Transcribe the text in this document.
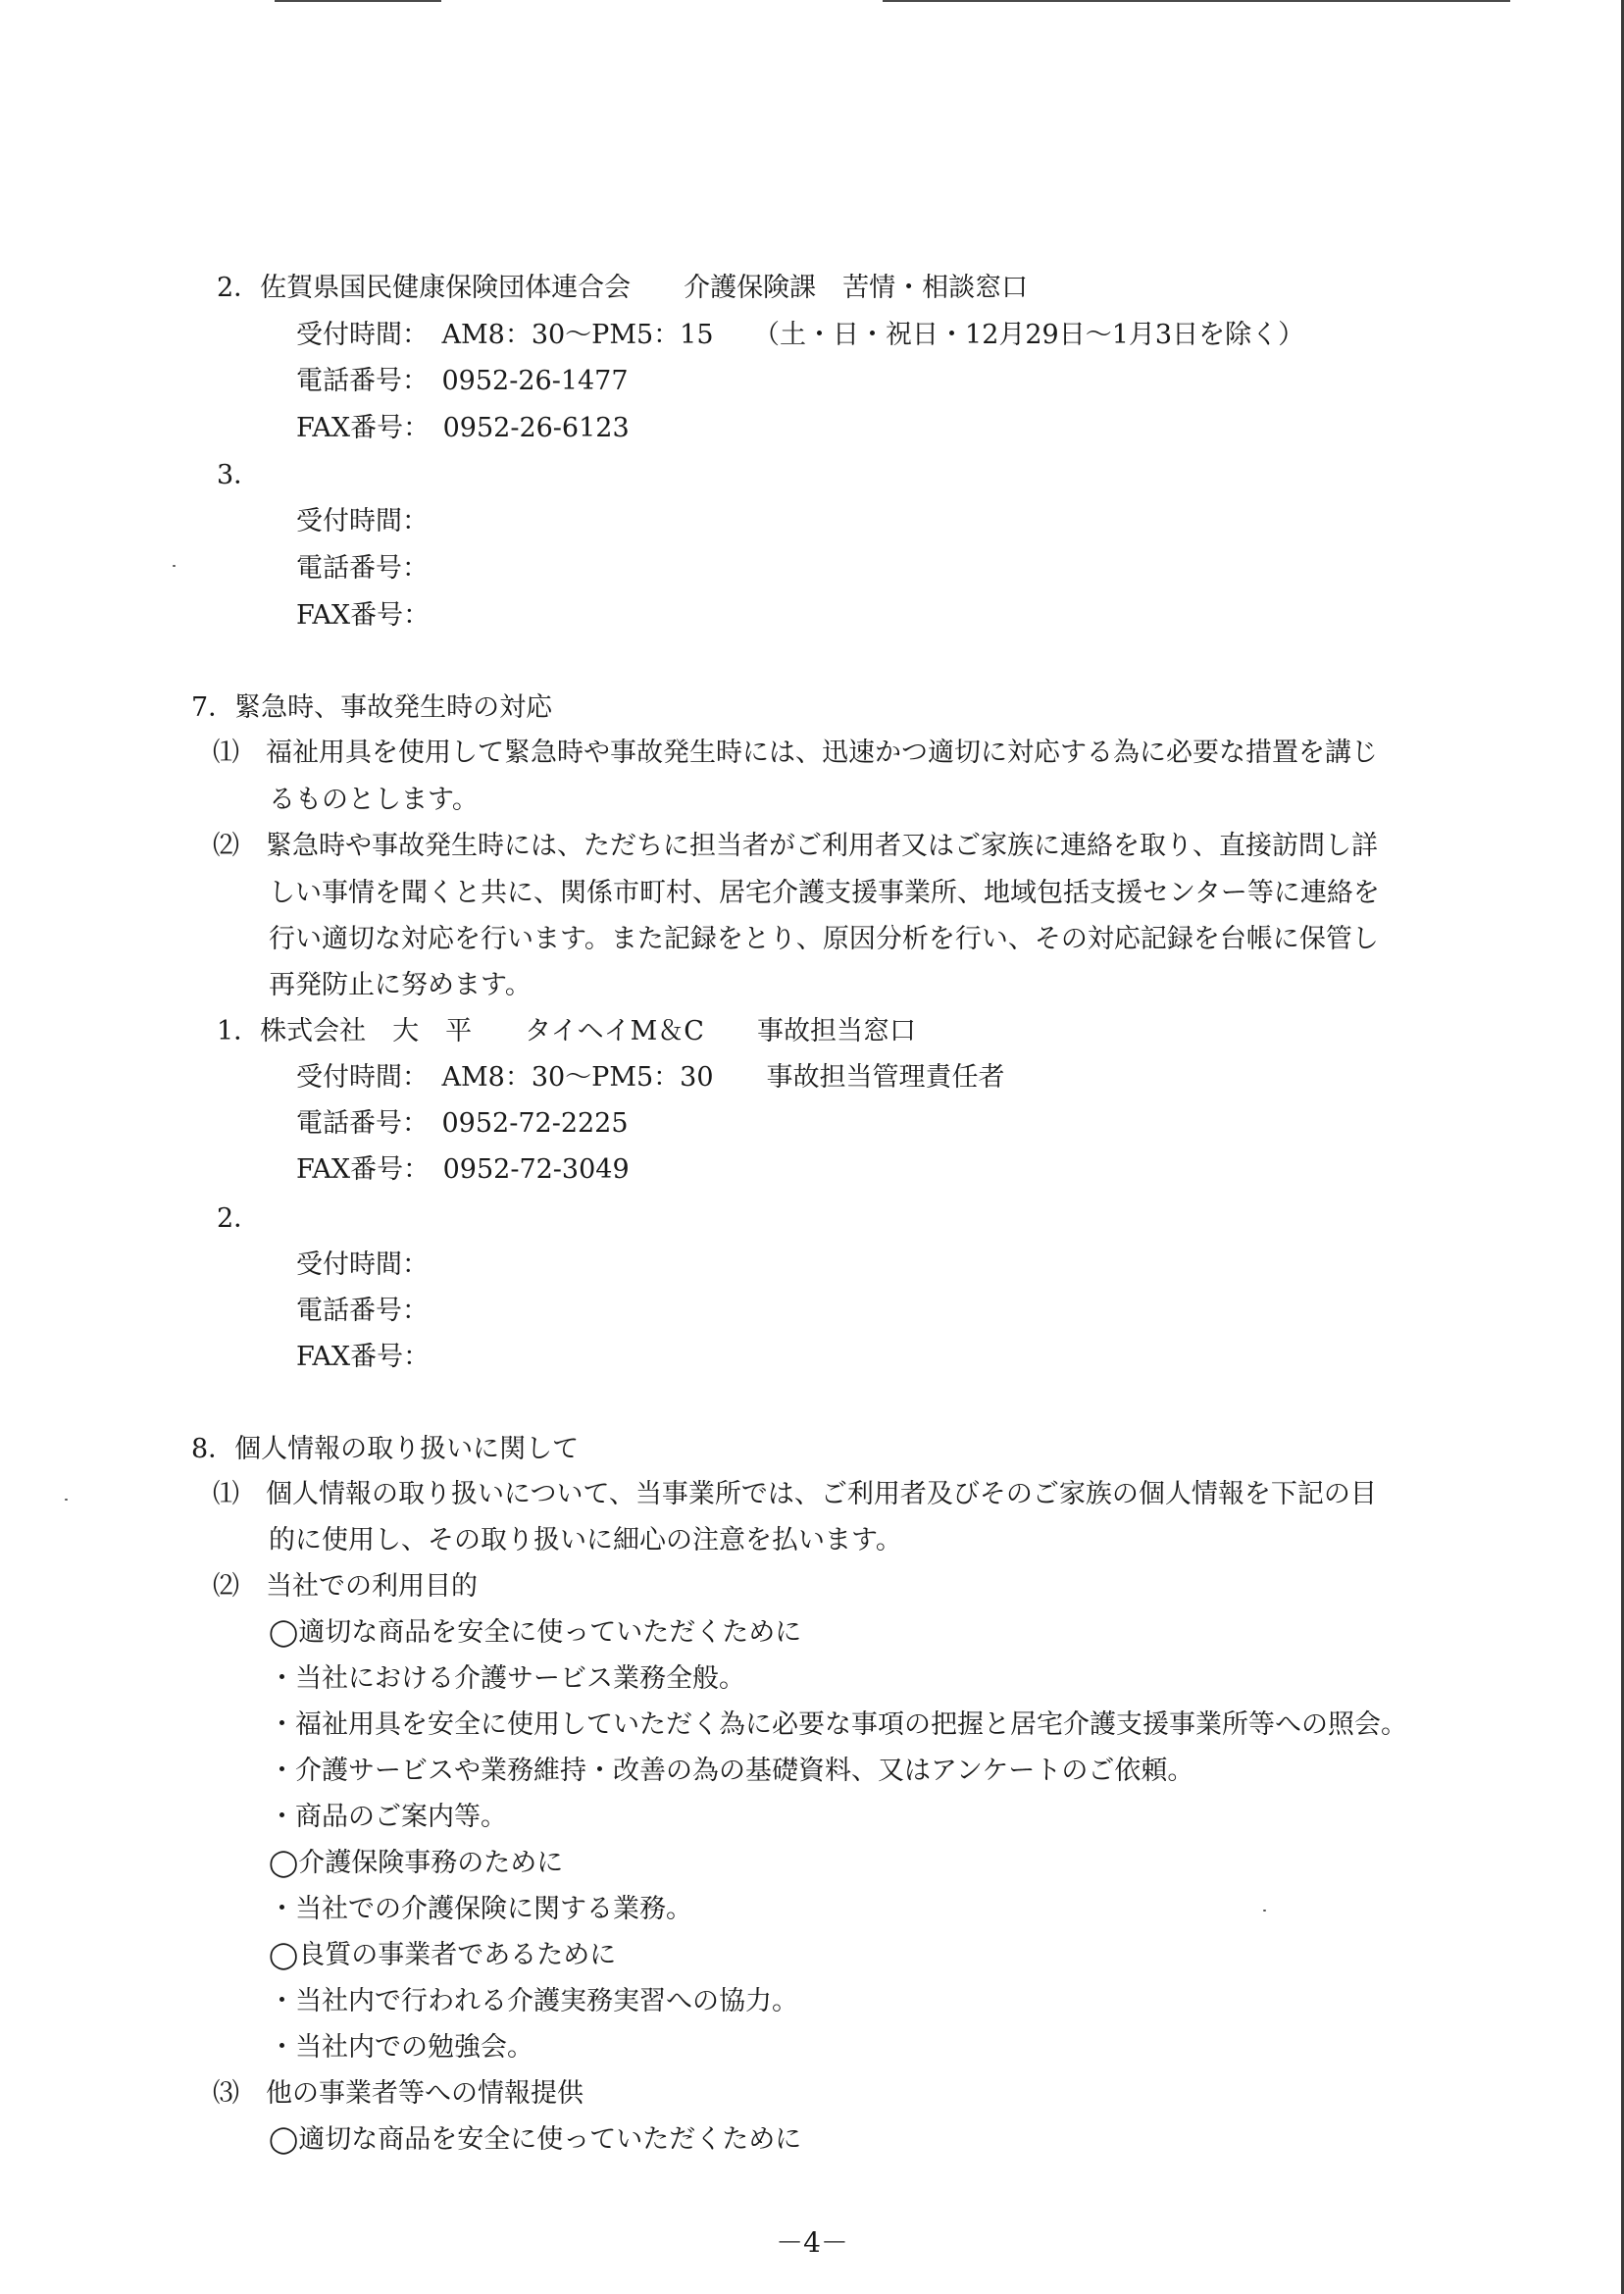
2．佐賀県国民健康保険団体連合会　　介護保険課　苦情・相談窓口
受付時間：　AM8：30〜PM5：15　　（土・日・祝日・12月29日〜1月3日を除く）
電話番号：　0952-26-1477
FAX番号：　0952-26-6123
3．
受付時間：
電話番号：
FAX番号：
7．緊急時、事故発生時の対応
⑴　福祉用具を使用して緊急時や事故発生時には、迅速かつ適切に対応する為に必要な措置を講じ
るものとします。
⑵　緊急時や事故発生時には、ただちに担当者がご利用者又はご家族に連絡を取り、直接訪問し詳
しい事情を聞くと共に、関係市町村、居宅介護支援事業所、地域包括支援センター等に連絡を
行い適切な対応を行います。また記録をとり、原因分析を行い、その対応記録を台帳に保管し
再発防止に努めます。
1．株式会社　大　平　　タイヘイM＆C　　事故担当窓口
受付時間：　AM8：30〜PM5：30　　事故担当管理責任者
電話番号：　0952-72-2225
FAX番号：　0952-72-3049
2．
受付時間：
電話番号：
FAX番号：
8．個人情報の取り扱いに関して
⑴　個人情報の取り扱いについて、当事業所では、ご利用者及びそのご家族の個人情報を下記の目
的に使用し、その取り扱いに細心の注意を払います。
⑵　当社での利用目的
◯適切な商品を安全に使っていただくために
・当社における介護サービス業務全般。
・福祉用具を安全に使用していただく為に必要な事項の把握と居宅介護支援事業所等への照会。
・介護サービスや業務維持・改善の為の基礎資料、又はアンケートのご依頼。
・商品のご案内等。
◯介護保険事務のために
・当社での介護保険に関する業務。
◯良質の事業者であるために
・当社内で行われる介護実務実習への協力。
・当社内での勉強会。
⑶　他の事業者等への情報提供
◯適切な商品を安全に使っていただくために
－4－
